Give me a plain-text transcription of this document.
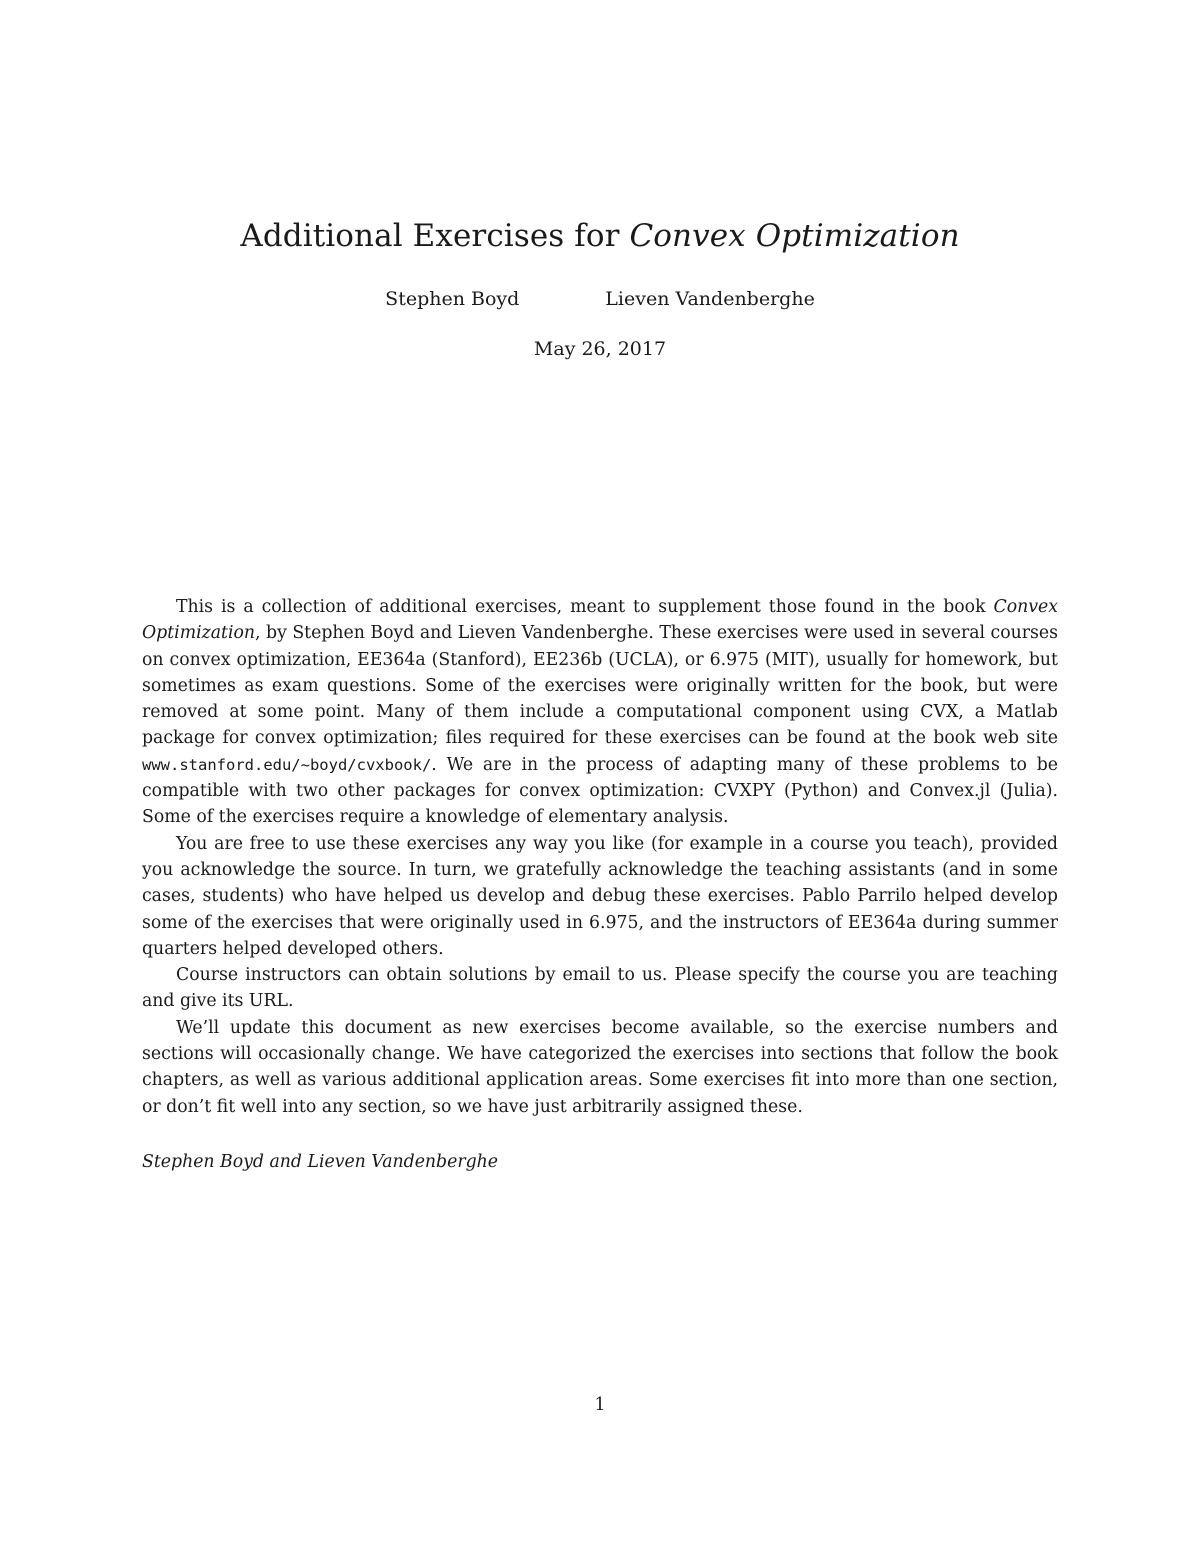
Additional Exercises for Convex Optimization
Stephen Boyd	Lieven Vandenberghe
May 26, 2017

This is a collection of additional exercises, meant to supplement those found in the book Convex Optimization, by Stephen Boyd and Lieven Vandenberghe. These exercises were used in several courses on convex optimization, EE364a (Stanford), EE236b (UCLA), or 6.975 (MIT), usually for homework, but sometimes as exam questions. Some of the exercises were originally written for the book, but were removed at some point. Many of them include a computational component using CVX, a Matlab package for convex optimization; files required for these exercises can be found at the book web site www.stanford.edu/~boyd/cvxbook/. We are in the process of adapting many of these problems to be compatible with two other packages for convex optimization: CVXPY (Python) and Convex.jl (Julia). Some of the exercises require a knowledge of elementary analysis.

You are free to use these exercises any way you like (for example in a course you teach), provided you acknowledge the source. In turn, we gratefully acknowledge the teaching assistants (and in some cases, students) who have helped us develop and debug these exercises. Pablo Parrilo helped develop some of the exercises that were originally used in 6.975, and the instructors of EE364a during summer quarters helped developed others.

Course instructors can obtain solutions by email to us. Please specify the course you are teaching and give its URL.

We’ll update this document as new exercises become available, so the exercise numbers and sections will occasionally change. We have categorized the exercises into sections that follow the book chapters, as well as various additional application areas. Some exercises fit into more than one section, or don’t fit well into any section, so we have just arbitrarily assigned these.

Stephen Boyd and Lieven Vandenberghe
1
